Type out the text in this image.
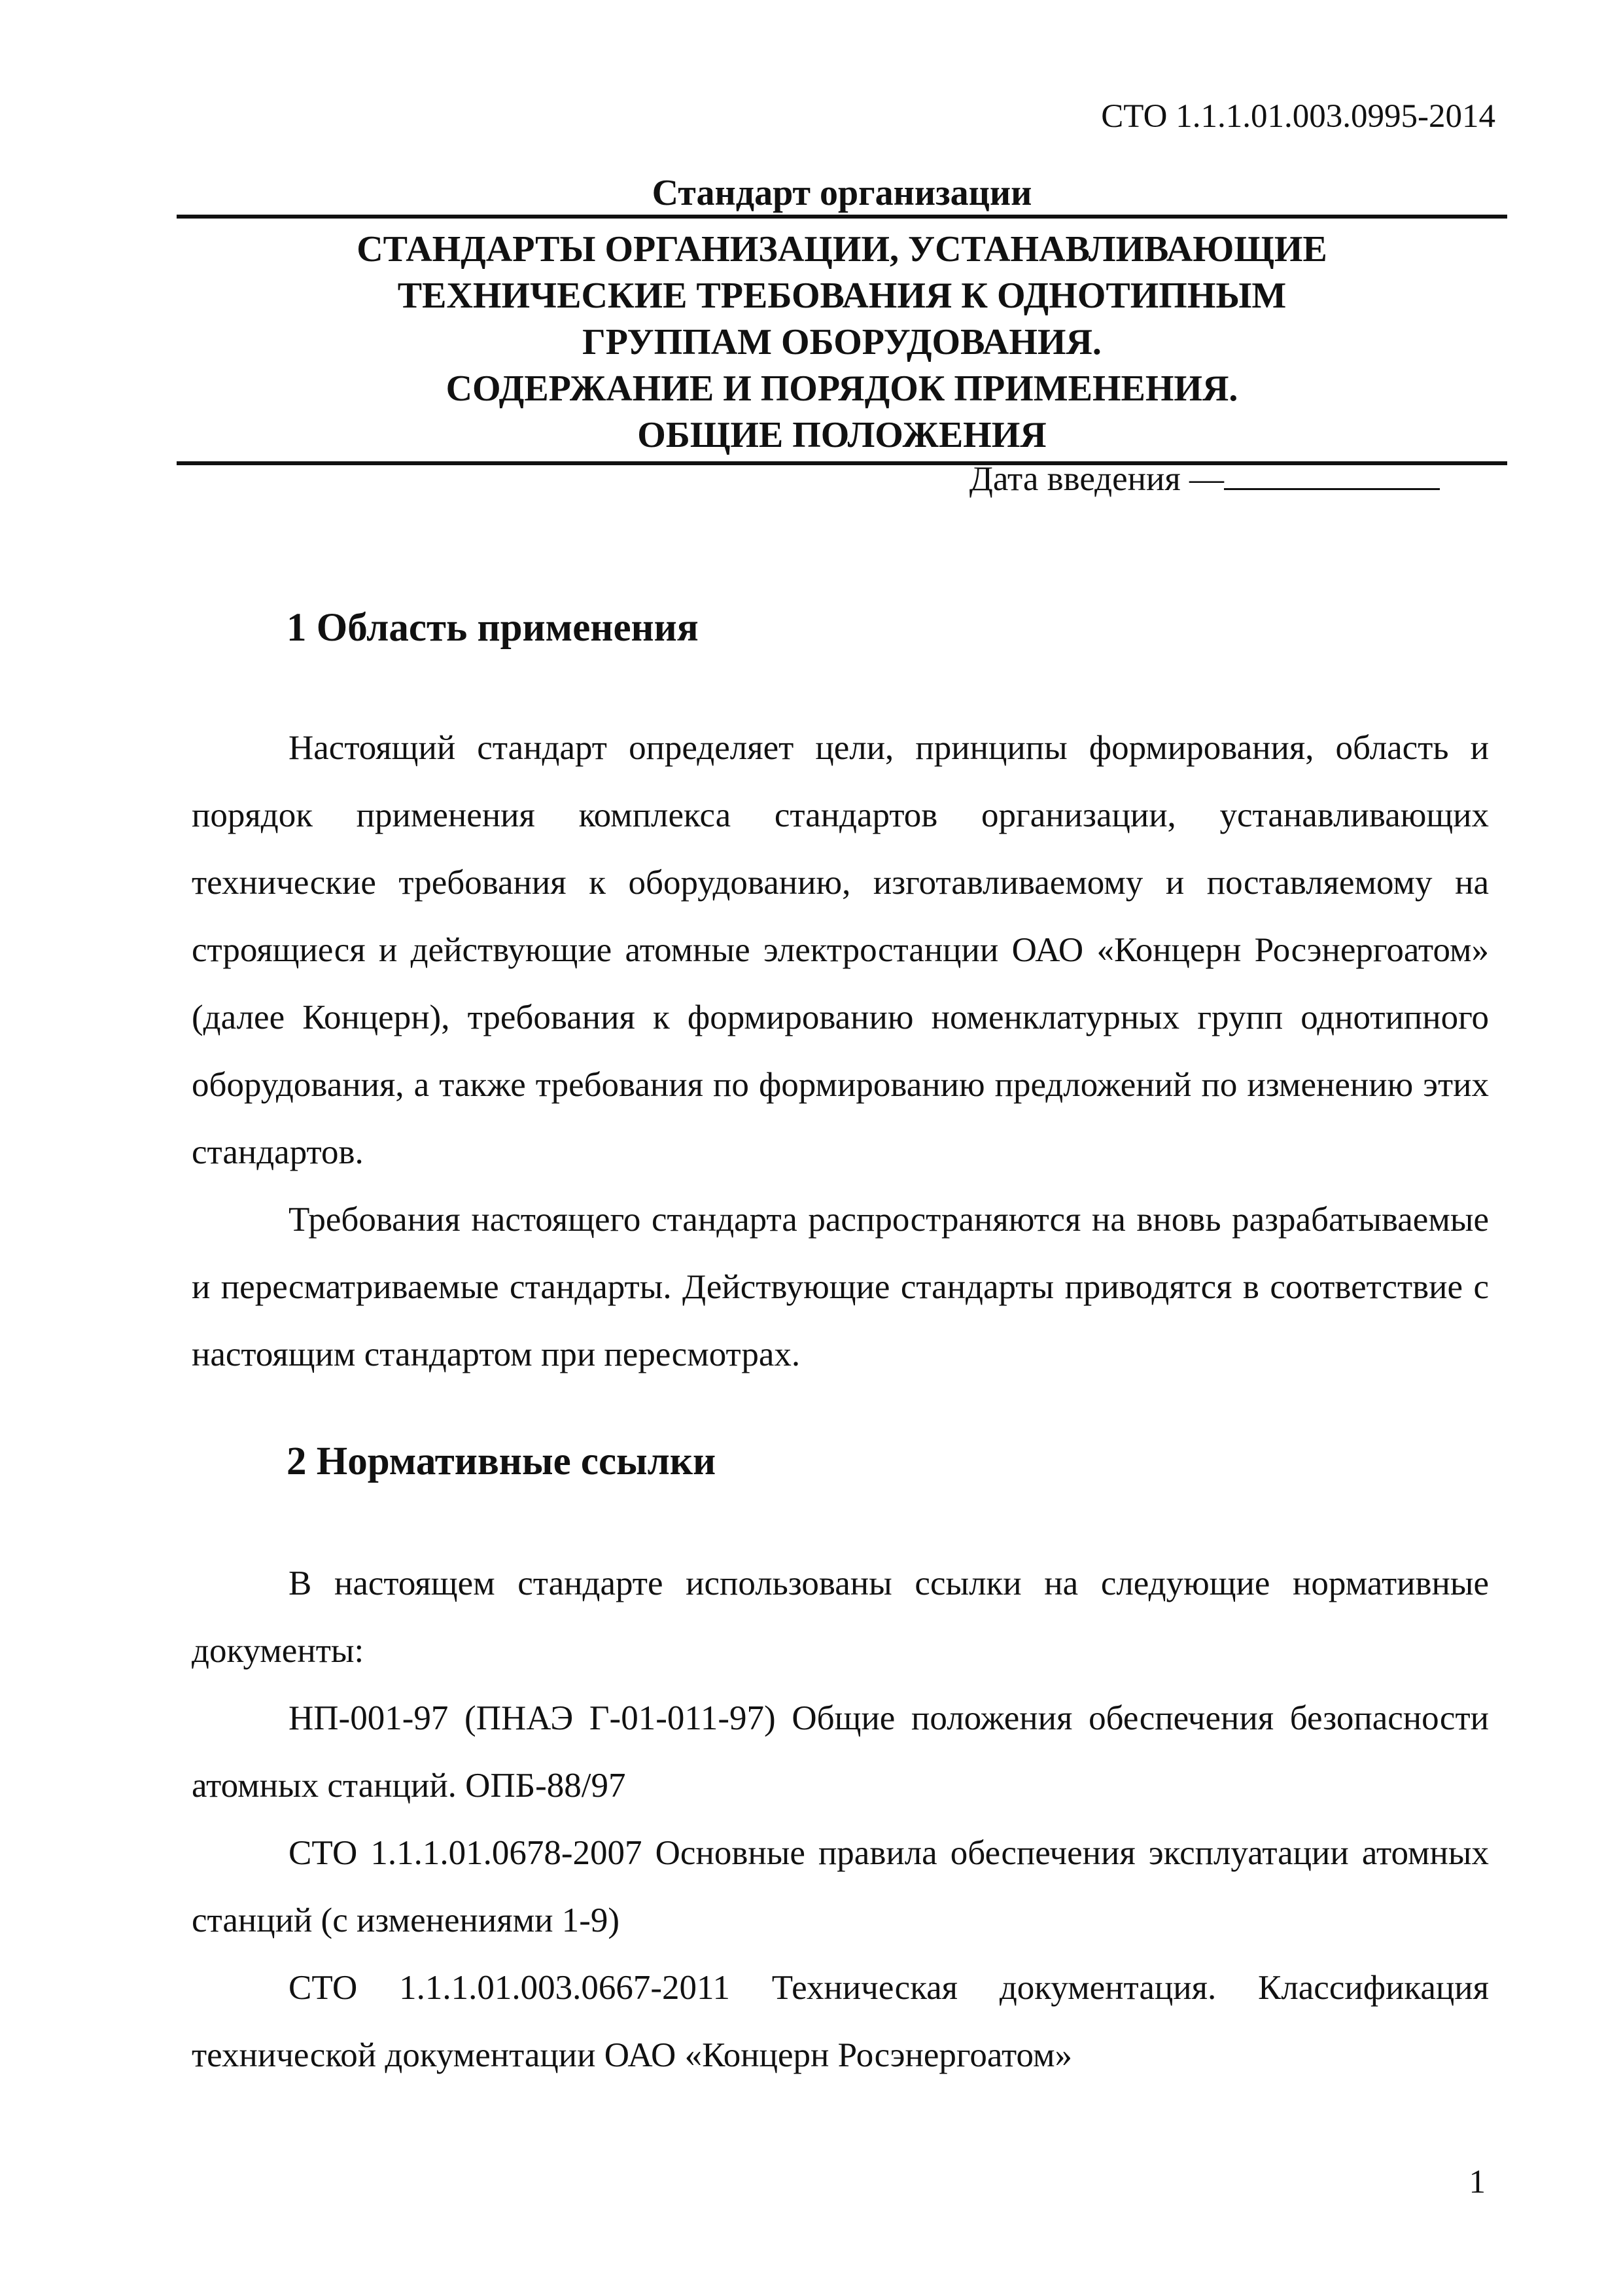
СТО 1.1.1.01.003.0995-2014
Стандарт организации
СТАНДАРТЫ ОРГАНИЗАЦИИ, УСТАНАВЛИВАЮЩИЕ
ТЕХНИЧЕСКИЕ ТРЕБОВАНИЯ К ОДНОТИПНЫМ
ГРУППАМ ОБОРУДОВАНИЯ.
СОДЕРЖАНИЕ И ПОРЯДОК ПРИМЕНЕНИЯ.
ОБЩИЕ ПОЛОЖЕНИЯ
Дата введения —
1 Область применения

Настоящий стандарт определяет цели, принципы формирования, область и порядок применения комплекса стандартов организации, устанавливающих технические требования к оборудованию, изготавливаемому и поставляемому на строящиеся и действующие атомные электростанции ОАО «Концерн Росэнергоатом» (далее Концерн), требования к формированию номенклатурных групп однотипного оборудования, а также требования по формированию предложений по изменению этих стандартов.

Требования настоящего стандарта распространяются на вновь разрабатываемые и пересматриваемые стандарты. Действующие стандарты приводятся в соответствие с настоящим стандартом при пересмотрах.

2 Нормативные ссылки

В настоящем стандарте использованы ссылки на следующие нормативные документы:

НП-001-97 (ПНАЭ Г-01-011-97) Общие положения обеспечения безопасности атомных станций. ОПБ-88/97

СТО 1.1.1.01.0678-2007 Основные правила обеспечения эксплуатации атомных станций (с изменениями 1-9)

СТО 1.1.1.01.003.0667-2011 Техническая документация. Классификация технической документации ОАО «Концерн Росэнергоатом»

1
